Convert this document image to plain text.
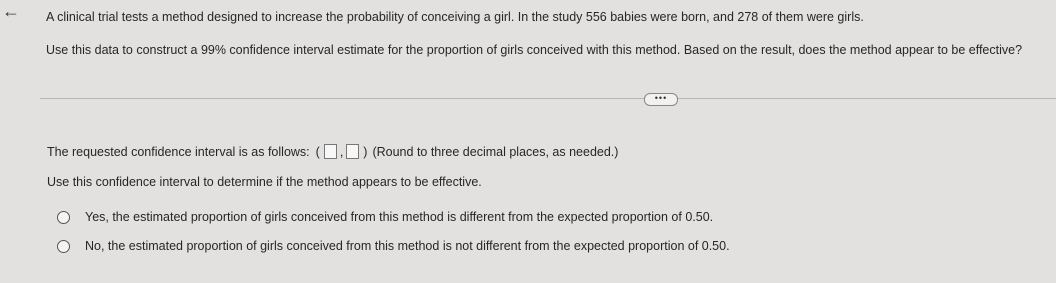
← A clinical trial tests a method designed to increase the probability of conceiving a girl. In the study 556 babies were born, and 278 of them were girls.
Use this data to construct a 99% confidence interval estimate for the proportion of girls conceived with this method. Based on the result, does the method appear to be effective?
•••
The requested confidence interval is as follows: ( , ) (Round to three decimal places, as needed.)
Use this confidence interval to determine if the method appears to be effective.
Yes, the estimated proportion of girls conceived from this method is different from the expected proportion of 0.50.
No, the estimated proportion of girls conceived from this method is not different from the expected proportion of 0.50.
